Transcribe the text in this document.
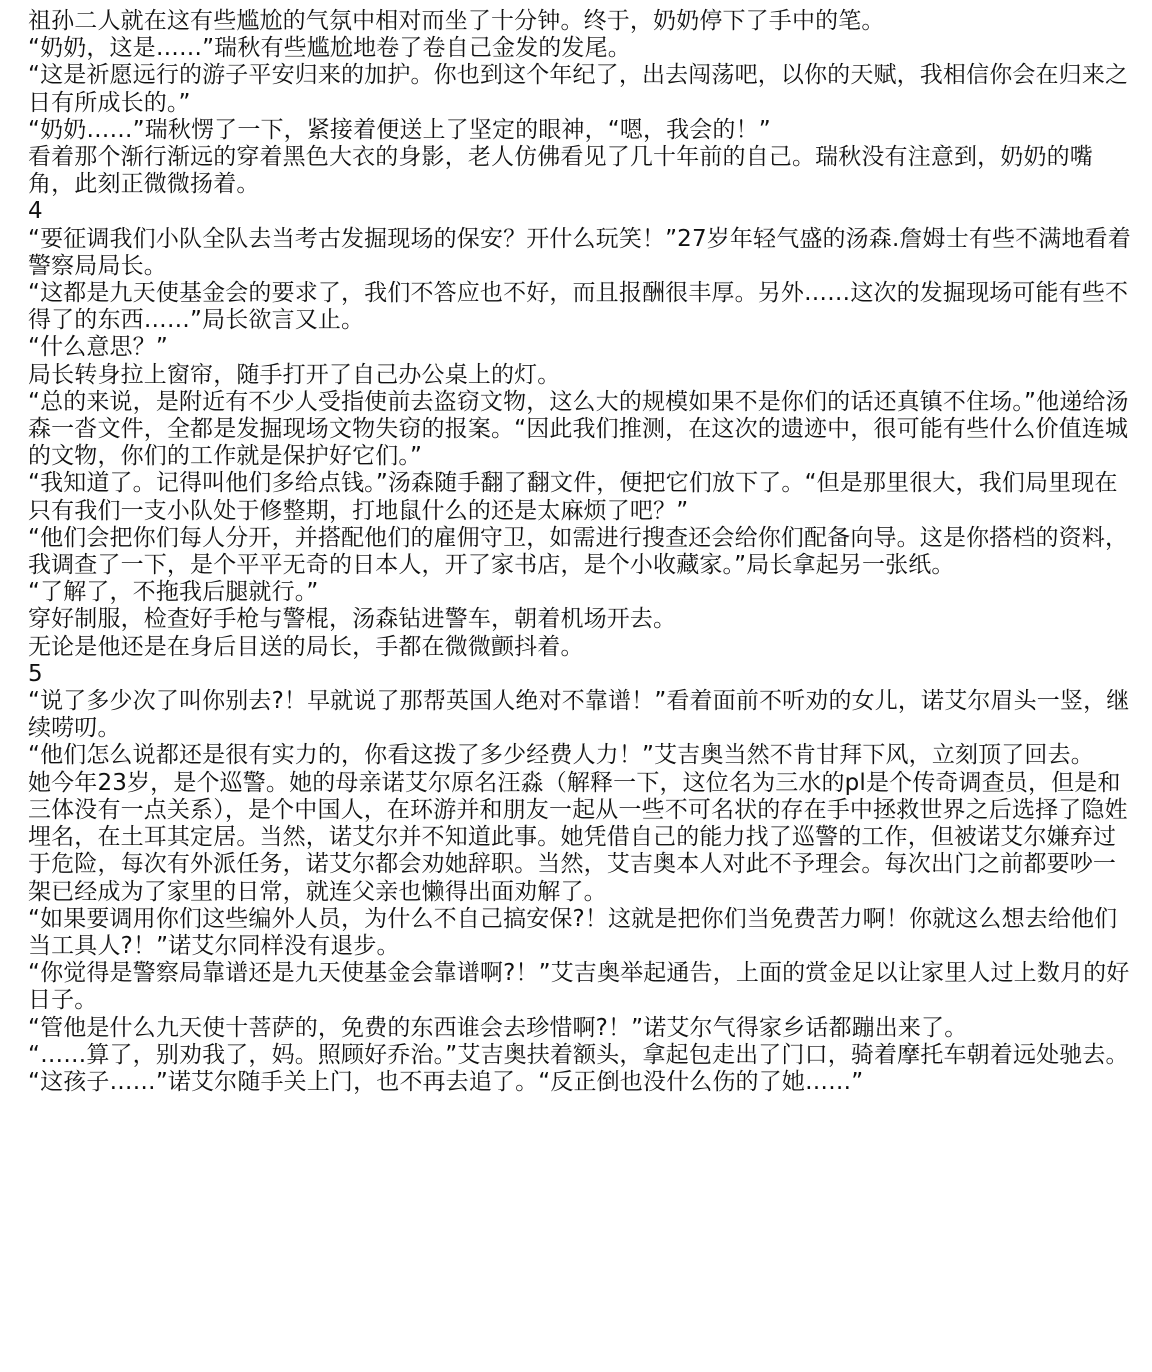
祖孙二人就在这有些尴尬的气氛中相对而坐了十分钟。终于，奶奶停下了手中的笔。

“奶奶，这是……”瑞秋有些尴尬地卷了卷自己金发的发尾。

“这是祈愿远行的游子平安归来的加护。你也到这个年纪了，出去闯荡吧，以你的天赋，我相信你会在归来之日有所成长的。”

“奶奶……”瑞秋愣了一下，紧接着便送上了坚定的眼神，“嗯，我会的！”

看着那个渐行渐远的穿着黑色大衣的身影，老人仿佛看见了几十年前的自己。瑞秋没有注意到，奶奶的嘴角，此刻正微微扬着。

4

“要征调我们小队全队去当考古发掘现场的保安？开什么玩笑！”27岁年轻气盛的汤森.詹姆士有些不满地看着警察局局长。

“这都是九天使基金会的要求了，我们不答应也不好，而且报酬很丰厚。另外……这次的发掘现场可能有些不得了的东西……”局长欲言又止。

“什么意思？”

局长转身拉上窗帘，随手打开了自己办公桌上的灯。

“总的来说，是附近有不少人受指使前去盗窃文物，这么大的规模如果不是你们的话还真镇不住场。”他递给汤森一沓文件，全都是发掘现场文物失窃的报案。“因此我们推测，在这次的遗迹中，很可能有些什么价值连城的文物，你们的工作就是保护好它们。”

“我知道了。记得叫他们多给点钱。”汤森随手翻了翻文件，便把它们放下了。“但是那里很大，我们局里现在只有我们一支小队处于修整期，打地鼠什么的还是太麻烦了吧？”

“他们会把你们每人分开，并搭配他们的雇佣守卫，如需进行搜查还会给你们配备向导。这是你搭档的资料，我调查了一下，是个平平无奇的日本人，开了家书店，是个小收藏家。”局长拿起另一张纸。

“了解了，不拖我后腿就行。”

穿好制服，检查好手枪与警棍，汤森钻进警车，朝着机场开去。

无论是他还是在身后目送的局长，手都在微微颤抖着。

5

“说了多少次了叫你别去?！早就说了那帮英国人绝对不靠谱！”看着面前不听劝的女儿，诺艾尔眉头一竖，继续唠叨。

“他们怎么说都还是很有实力的，你看这拨了多少经费人力！”艾吉奥当然不肯甘拜下风，立刻顶了回去。

她今年23岁，是个巡警。她的母亲诺艾尔原名汪淼（解释一下，这位名为三水的pl是个传奇调查员，但是和三体没有一点关系），是个中国人，在环游并和朋友一起从一些不可名状的存在手中拯救世界之后选择了隐姓埋名，在土耳其定居。当然，诺艾尔并不知道此事。她凭借自己的能力找了巡警的工作，但被诺艾尔嫌弃过于危险，每次有外派任务，诺艾尔都会劝她辞职。当然，艾吉奥本人对此不予理会。每次出门之前都要吵一架已经成为了家里的日常，就连父亲也懒得出面劝解了。

“如果要调用你们这些编外人员，为什么不自己搞安保?！这就是把你们当免费苦力啊！你就这么想去给他们当工具人?！”诺艾尔同样没有退步。

“你觉得是警察局靠谱还是九天使基金会靠谱啊?！”艾吉奥举起通告，上面的赏金足以让家里人过上数月的好日子。

“管他是什么九天使十菩萨的，免费的东西谁会去珍惜啊?！”诺艾尔气得家乡话都蹦出来了。

“……算了，别劝我了，妈。照顾好乔治。”艾吉奥扶着额头，拿起包走出了门口，骑着摩托车朝着远处驰去。

“这孩子……”诺艾尔随手关上门，也不再去追了。“反正倒也没什么伤的了她……”
